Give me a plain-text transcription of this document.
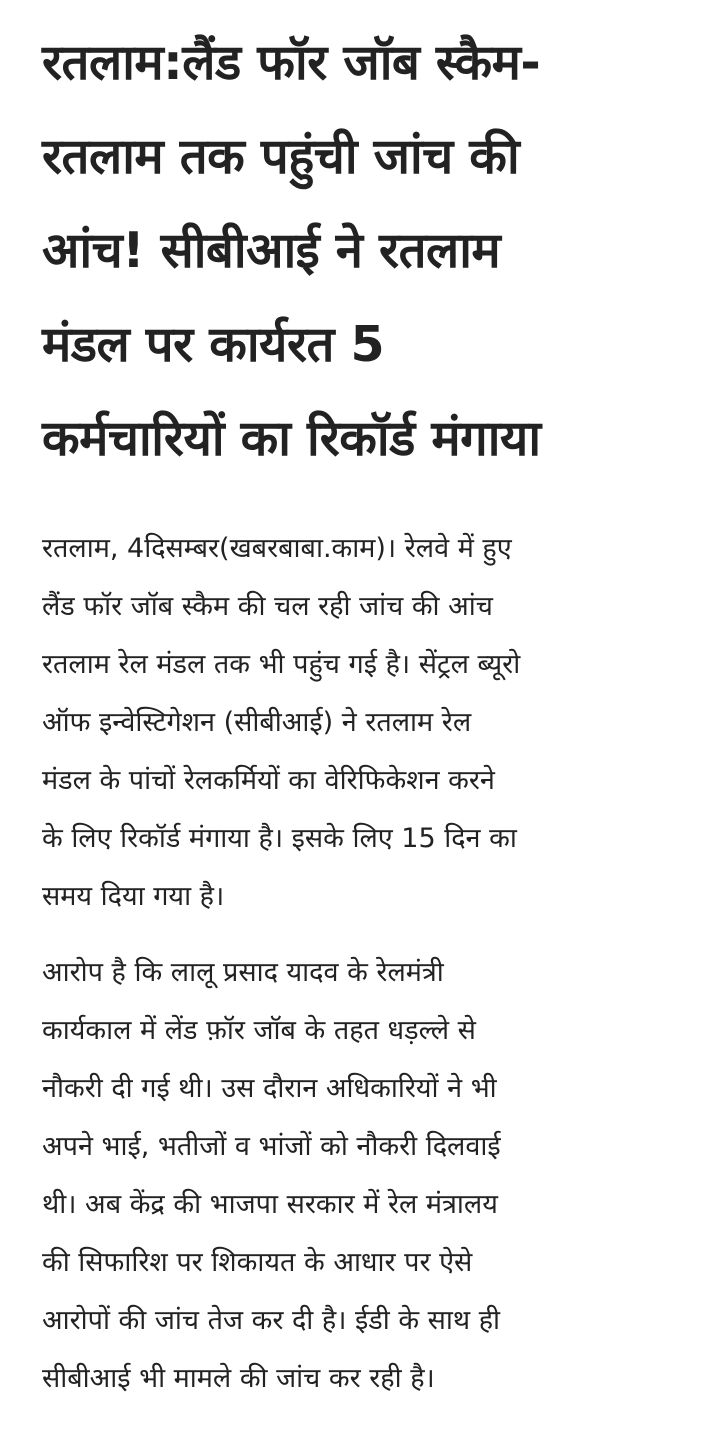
रतलाम:लैंड फॉर जॉब स्कैम-
रतलाम तक पहुंची जांच की
आंच! सीबीआई ने रतलाम
मंडल पर कार्यरत 5
कर्मचारियों का रिकॉर्ड मंगाया

रतलाम, 4दिसम्बर(खबरबाबा.काम)। रेलवे में हुए
लैंड फॉर जॉब स्कैम की चल रही जांच की आंच
रतलाम रेल मंडल तक भी पहुंच गई है। सेंट्रल ब्यूरो
ऑफ इन्वेस्टिगेशन (सीबीआई) ने रतलाम रेल
मंडल के पांचों रेलकर्मियों का वेरिफिकेशन करने
के लिए रिकॉर्ड मंगाया है। इसके लिए 15 दिन का
समय दिया गया है।

आरोप है कि लालू प्रसाद यादव के रेलमंत्री
कार्यकाल में लेंड फ़ॉर जॉब के तहत धड़ल्ले से
नौकरी दी गई थी। उस दौरान अधिकारियों ने भी
अपने भाई, भतीजों व भांजों को नौकरी दिलवाई
थी। अब केंद्र की भाजपा सरकार में रेल मंत्रालय
की सिफारिश पर शिकायत के आधार पर ऐसे
आरोपों की जांच तेज कर दी है। ईडी के साथ ही
सीबीआई भी मामले की जांच कर रही है।
